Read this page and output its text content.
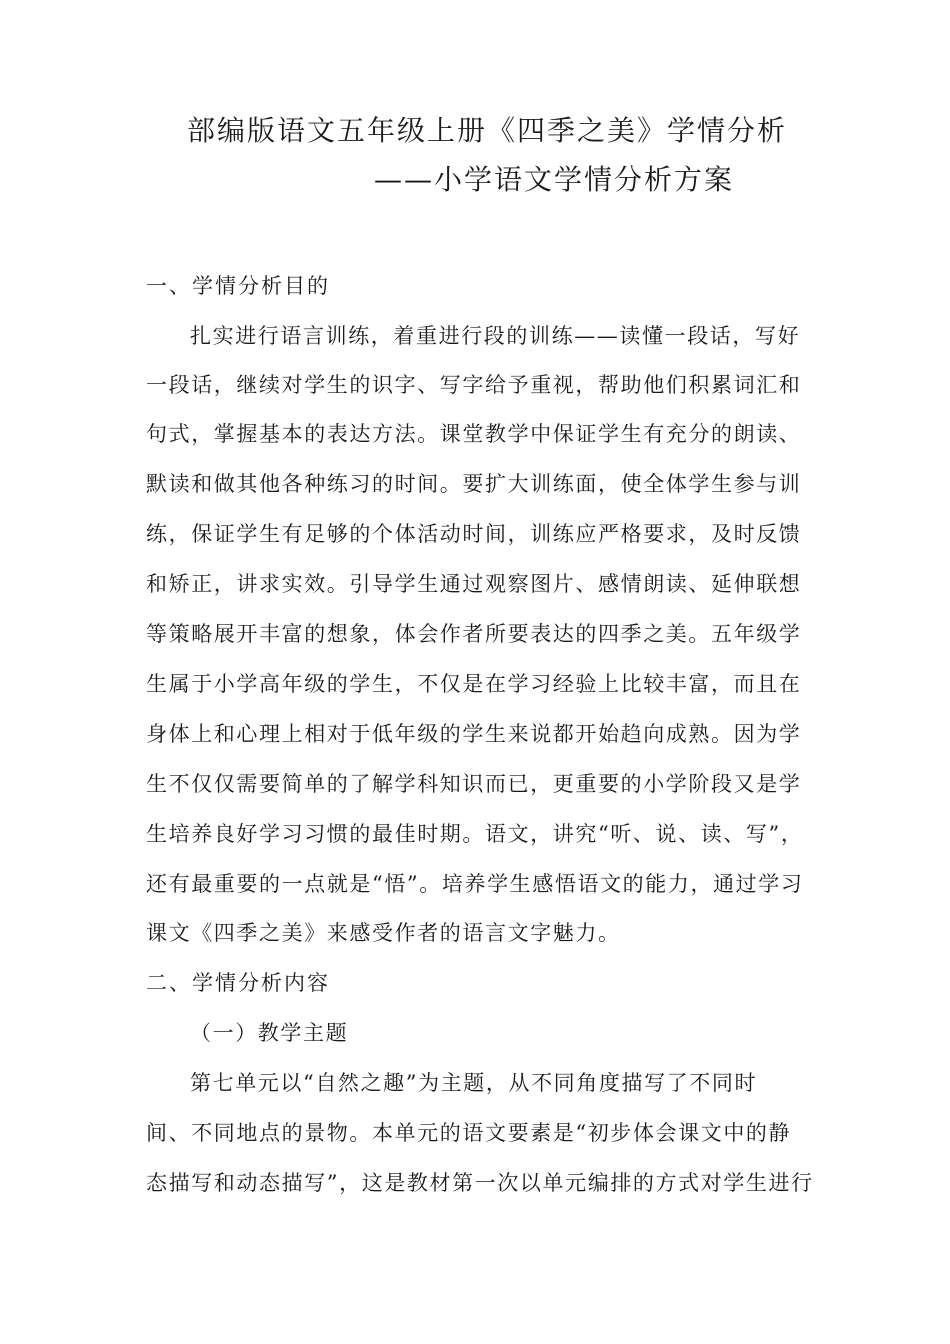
部编版语文五年级上册《四季之美》学情分析
——小学语文学情分析方案
一、学情分析目的
扎实进行语言训练，着重进行段的训练——读懂一段话，写好
一段话，继续对学生的识字、写字给予重视，帮助他们积累词汇和
句式，掌握基本的表达方法。课堂教学中保证学生有充分的朗读、
默读和做其他各种练习的时间。要扩大训练面，使全体学生参与训
练，保证学生有足够的个体活动时间，训练应严格要求，及时反馈
和矫正，讲求实效。引导学生通过观察图片、感情朗读、延伸联想
等策略展开丰富的想象，体会作者所要表达的四季之美。五年级学
生属于小学高年级的学生，不仅是在学习经验上比较丰富，而且在
身体上和心理上相对于低年级的学生来说都开始趋向成熟。因为学
生不仅仅需要简单的了解学科知识而已，更重要的小学阶段又是学
生培养良好学习习惯的最佳时期。语文，讲究“听、说、读、写”，
还有最重要的一点就是“悟”。培养学生感悟语文的能力，通过学习
课文《四季之美》来感受作者的语言文字魅力。
二、学情分析内容
（一）教学主题
第七单元以“自然之趣”为主题，从不同角度描写了不同时
间、不同地点的景物。本单元的语文要素是“初步体会课文中的静
态描写和动态描写”，这是教材第一次以单元编排的方式对学生进行
